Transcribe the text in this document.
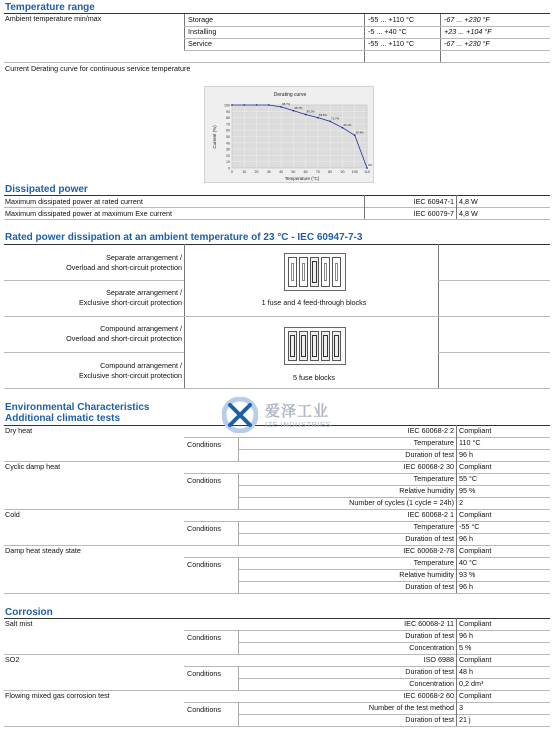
Temperature range
Ambient temperature min/max	Storage	-55 ... +110 °C	-67 ... +230 °F
Installing	-5 ... +40 °C	+23 ... +104 °F
Service	-55 ... +110 °C	-67 ... +230 °F
Current Derating curve for continuous service temperature
Derating curve
Temperature (°C)
Current (%)
0
10
20
30
40
50
60
70
80
90
100
0	10 20 30 40 50 60 70 80 90 100 110
98.7%
95.7%
89.2%
83.5%
71.7%
66.1%
50.4%
0%
Dissipated power
Maximum dissipated power at rated current	IEC 60947-1 4,8 W
Maximum dissipated power at maximum Exe current	IEC 60079-7 4,8 W
Rated power dissipation at an ambient temperature of 23 °C - IEC 60947-7-3
Separate arrangement /
Overload and short-circuit protection
Separate arrangement /
Exclusive short-circuit protection
Compound arrangement /
Overload and short-circuit protection
Compound arrangement /
Exclusive short-circuit protection
1 fuse and 4 feed-through blocks
5 fuse blocks
Environmental Characteristics
Additional climatic tests	爱泽工业
IZE INDUSTRIES
Dry heat	IEC 60068-2 2 Compliant
Conditions	Temperature 110 °C
Duration of test 96 h
Cyclic damp heat	IEC 60068-2 30 Compliant
Conditions	Temperature 55 °C
Relative humidity 95 %
Number of cycles (1 cycle = 24h) 2
Cold	IEC 60068-2 1 Compliant
Conditions	Temperature -55 °C
Duration of test 96 h
Damp heat steady state	IEC 60068-2-78 Compliant
Conditions	Temperature 40 °C
Relative humidity 93 %
Duration of test 96 h
Corrosion
Salt mist	IEC 60068-2 11 Compliant
Conditions	Duration of test 96 h
Concentration 5 %
SO2	ISO 6988 Compliant
Conditions	Duration of test 48 h
Concentration 0,2 dm³
Flowing mixed gas corrosion test	IEC 60068-2 60 Compliant
Conditions	Number of the test method 3
Duration of test 21 j
